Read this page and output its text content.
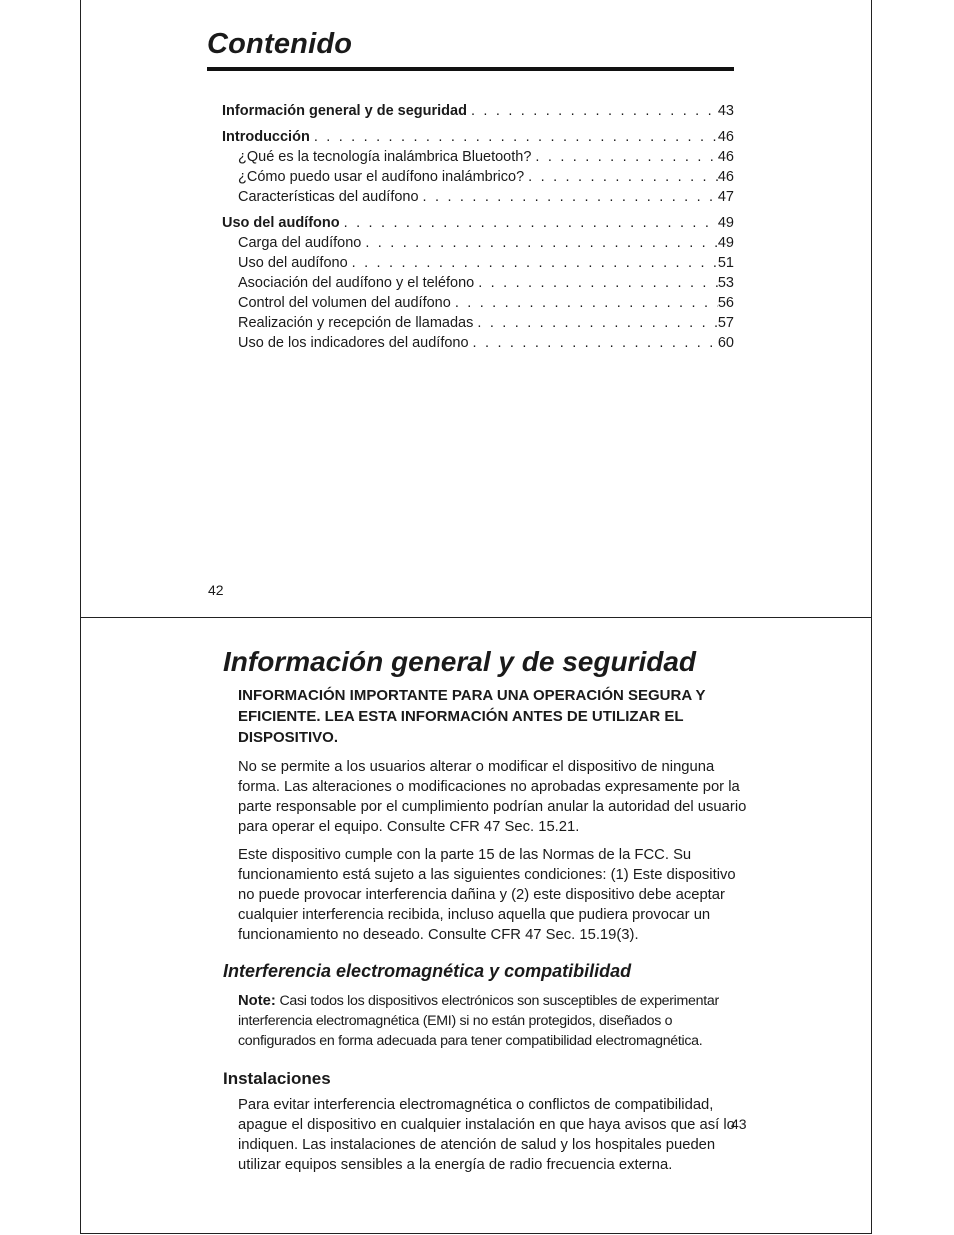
Contenido
Información general y de seguridad . . .	43
Introducción . . .	46
¿Qué es la tecnología inalámbrica Bluetooth? . . .	46
¿Cómo puedo usar el audífono inalámbrico? . . .	46
Características del audífono . . .	47
Uso del audífono . . .	49
Carga del audífono . . .	49
Uso del audífono . . .	51
Asociación del audífono y el teléfono . . .	53
Control del volumen del audífono . . .	56
Realización y recepción de llamadas . . .	57
Uso de los indicadores del audífono . . .	60
42
Información general y de seguridad

INFORMACIÓN IMPORTANTE PARA UNA OPERACIÓN SEGURA Y EFICIENTE. LEA ESTA INFORMACIÓN ANTES DE UTILIZAR EL DISPOSITIVO.

No se permite a los usuarios alterar o modificar el dispositivo de ninguna forma. Las alteraciones o modificaciones no aprobadas expresamente por la parte responsable por el cumplimiento podrían anular la autoridad del usuario para operar el equipo. Consulte CFR 47 Sec. 15.21.

Este dispositivo cumple con la parte 15 de las Normas de la FCC. Su funcionamiento está sujeto a las siguientes condiciones: (1) Este dispositivo no puede provocar interferencia dañina y (2) este dispositivo debe aceptar cualquier interferencia recibida, incluso aquella que pudiera provocar un funcionamiento no deseado. Consulte CFR 47 Sec. 15.19(3).

Interferencia electromagnética y compatibilidad

Note: Casi todos los dispositivos electrónicos son susceptibles de experimentar interferencia electromagnética (EMI) si no están protegidos, diseñados o configurados en forma adecuada para tener compatibilidad electromagnética.

Instalaciones

Para evitar interferencia electromagnética o conflictos de compatibilidad, apague el dispositivo en cualquier instalación en que haya avisos que así lo indiquen. Las instalaciones de atención de salud y los hospitales pueden utilizar equipos sensibles a la energía de radio frecuencia externa.

43
